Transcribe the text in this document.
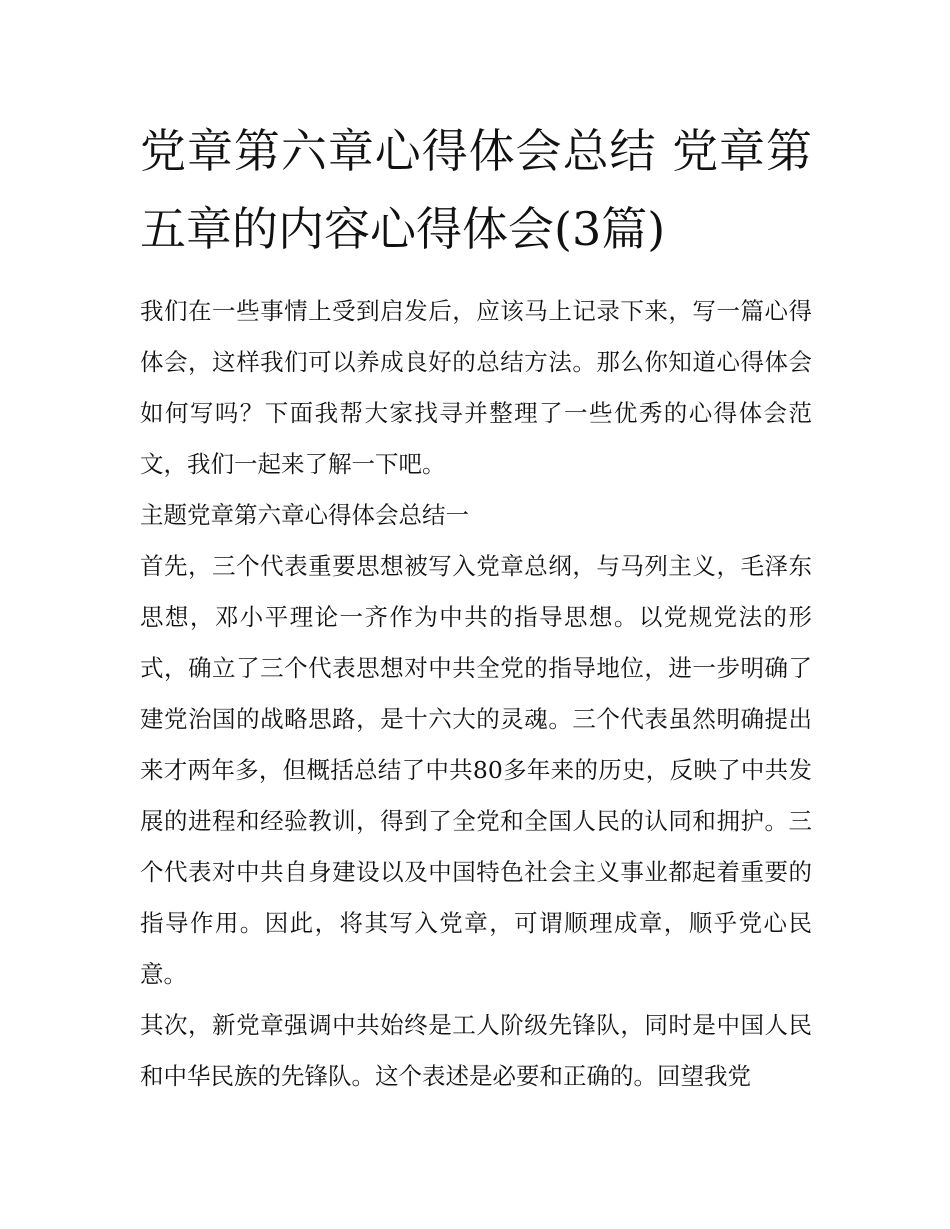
党章第六章心得体会总结 党章第五章的内容心得体会(3篇)

我们在一些事情上受到启发后，应该马上记录下来，写一篇心得体会，这样我们可以养成良好的总结方法。那么你知道心得体会如何写吗？下面我帮大家找寻并整理了一些优秀的心得体会范文，我们一起来了解一下吧。

主题党章第六章心得体会总结一

首先，三个代表重要思想被写入党章总纲，与马列主义，毛泽东思想，邓小平理论一齐作为中共的指导思想。以党规党法的形式，确立了三个代表思想对中共全党的指导地位，进一步明确了建党治国的战略思路，是十六大的灵魂。三个代表虽然明确提出来才两年多，但概括总结了中共80多年来的历史，反映了中共发展的进程和经验教训，得到了全党和全国人民的认同和拥护。三个代表对中共自身建设以及中国特色社会主义事业都起着重要的指导作用。因此，将其写入党章，可谓顺理成章，顺乎党心民意。

其次，新党章强调中共始终是工人阶级先锋队，同时是中国人民和中华民族的先锋队。这个表述是必要和正确的。回望我党
